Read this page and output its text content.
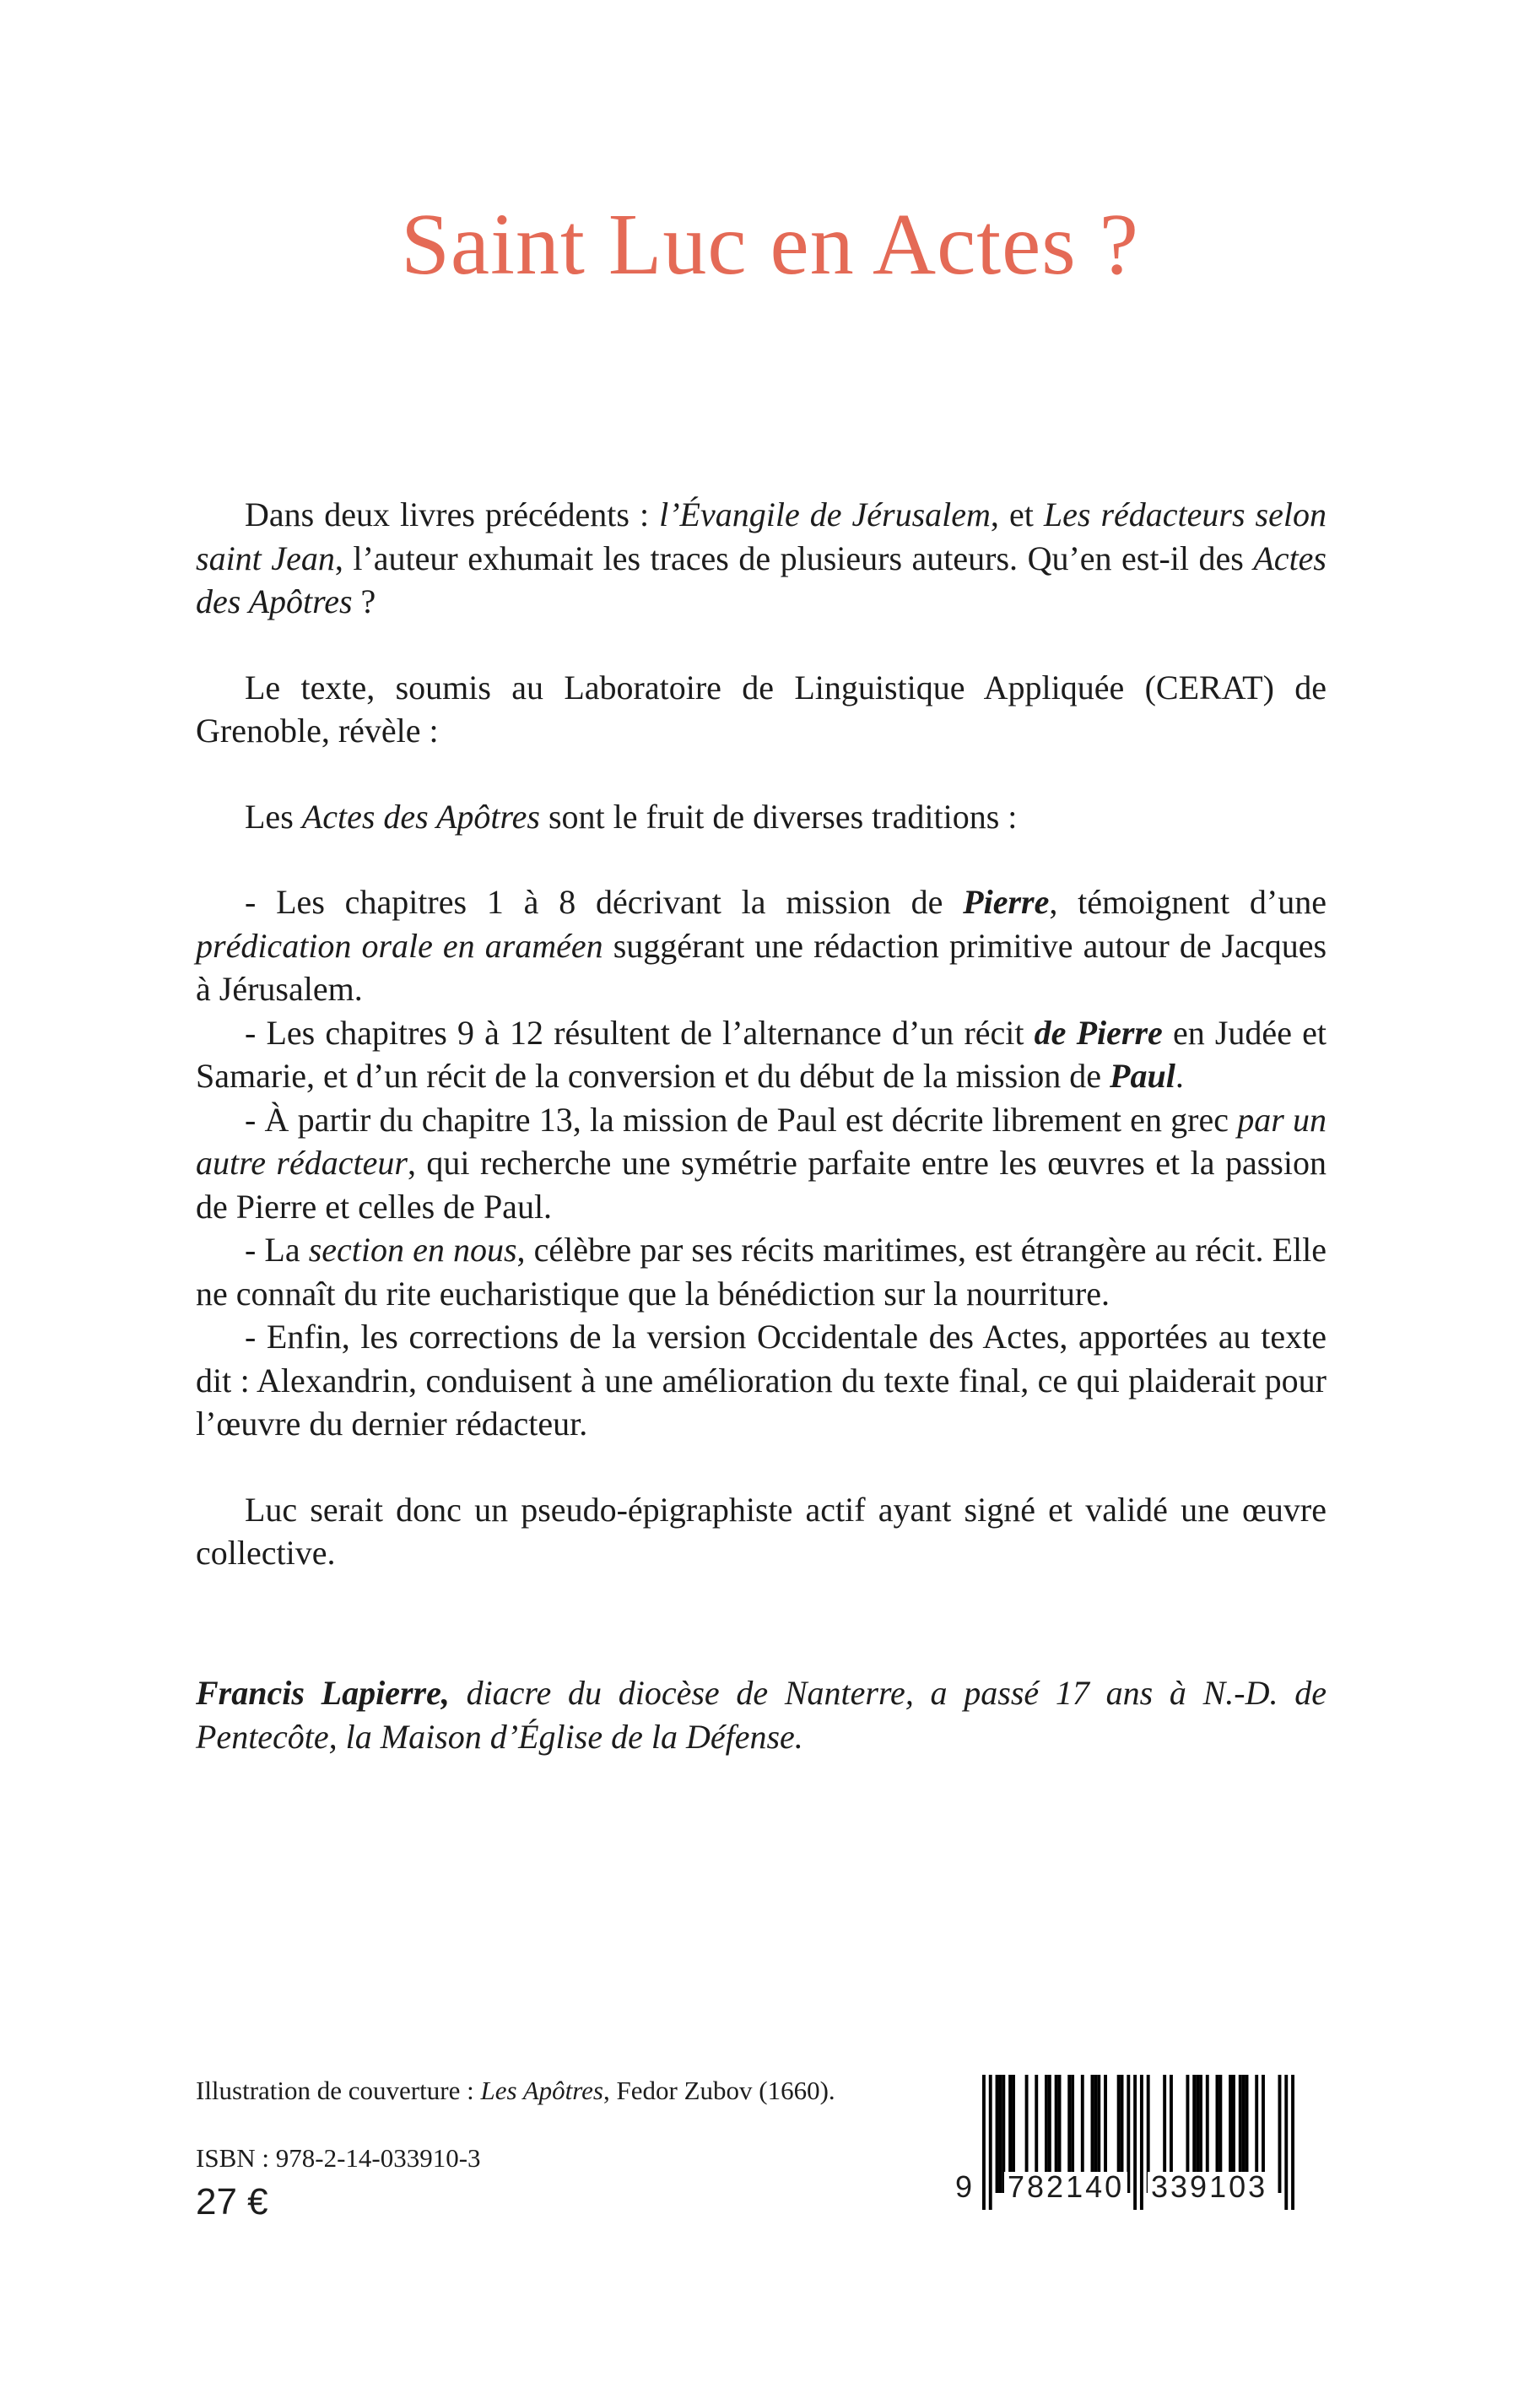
Saint Luc en Actes ?

Dans deux livres précédents : l’Évangile de Jérusalem, et Les rédacteurs selon saint Jean, l’auteur exhumait les traces de plusieurs auteurs. Qu’en est-il des Actes des Apôtres ?

Le texte, soumis au Laboratoire de Linguistique Appliquée (CERAT) de Grenoble, révèle :

Les Actes des Apôtres sont le fruit de diverses traditions :

- Les chapitres 1 à 8 décrivant la mission de Pierre, témoignent d’une prédication orale en araméen suggérant une rédaction primitive autour de Jacques à Jérusalem.

- Les chapitres 9 à 12 résultent de l’alternance d’un récit de Pierre en Judée et Samarie, et d’un récit de la conversion et du début de la mission de Paul.

- À partir du chapitre 13, la mission de Paul est décrite librement en grec par un autre rédacteur, qui recherche une symétrie parfaite entre les œuvres et la passion de Pierre et celles de Paul.

- La section en nous, célèbre par ses récits maritimes, est étrangère au récit. Elle ne connaît du rite eucharistique que la bénédiction sur la nourriture.

- Enfin, les corrections de la version Occidentale des Actes, apportées au texte dit : Alexandrin, conduisent à une amélioration du texte final, ce qui plaiderait pour l’œuvre du dernier rédacteur.

Luc serait donc un pseudo-épigraphiste actif ayant signé et validé une œuvre collective.

Francis Lapierre, diacre du diocèse de Nanterre, a passé 17 ans à N.-D. de Pentecôte, la Maison d’Église de la Défense.
Illustration de couverture : Les Apôtres, Fedor Zubov (1660).
ISBN : 978-2-14-033910-3
27 €	9 782140 339103
